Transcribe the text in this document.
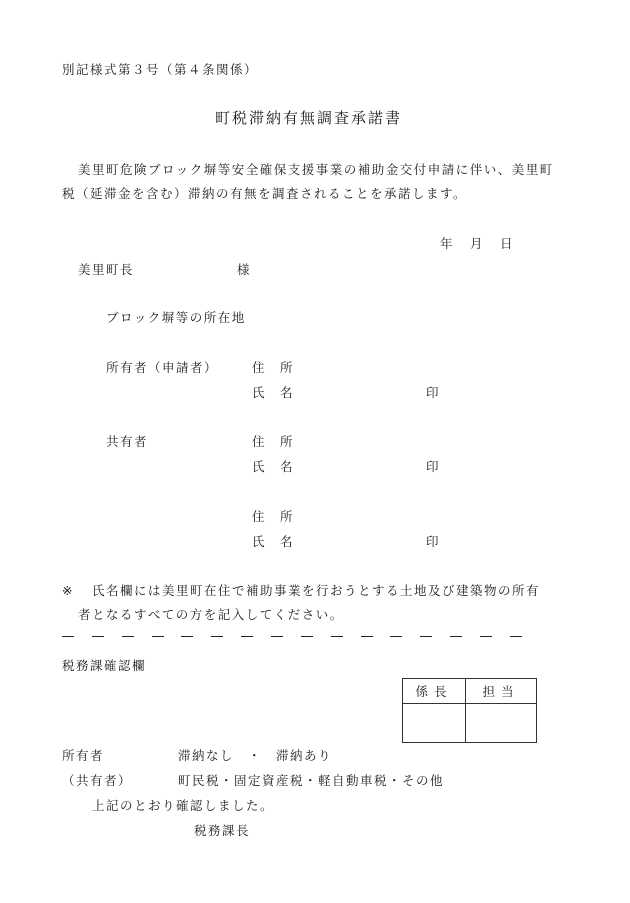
別記様式第３号（第４条関係）
町税滞納有無調査承諾書
美里町危険ブロック塀等安全確保支援事業の補助金交付申請に伴い、美里町
税（延滞金を含む）滞納の有無を調査されることを承諾します。
年 月 日
美里町長	様
ブロック塀等の所在地
所有者（申請者）	住　所
氏　名	印
共有者	住　所
氏　名	印
住　所
氏　名	印
※ 氏名欄には美里町在住で補助事業を行おうとする土地及び建築物の所有
者となるすべての方を記入してください。
税務課確認欄
係長	担当

所有者	滞納なし　・　滞納あり
（共有者）	町民税・固定資産税・軽自動車税・その他
上記のとおり確認しました。
税務課長
